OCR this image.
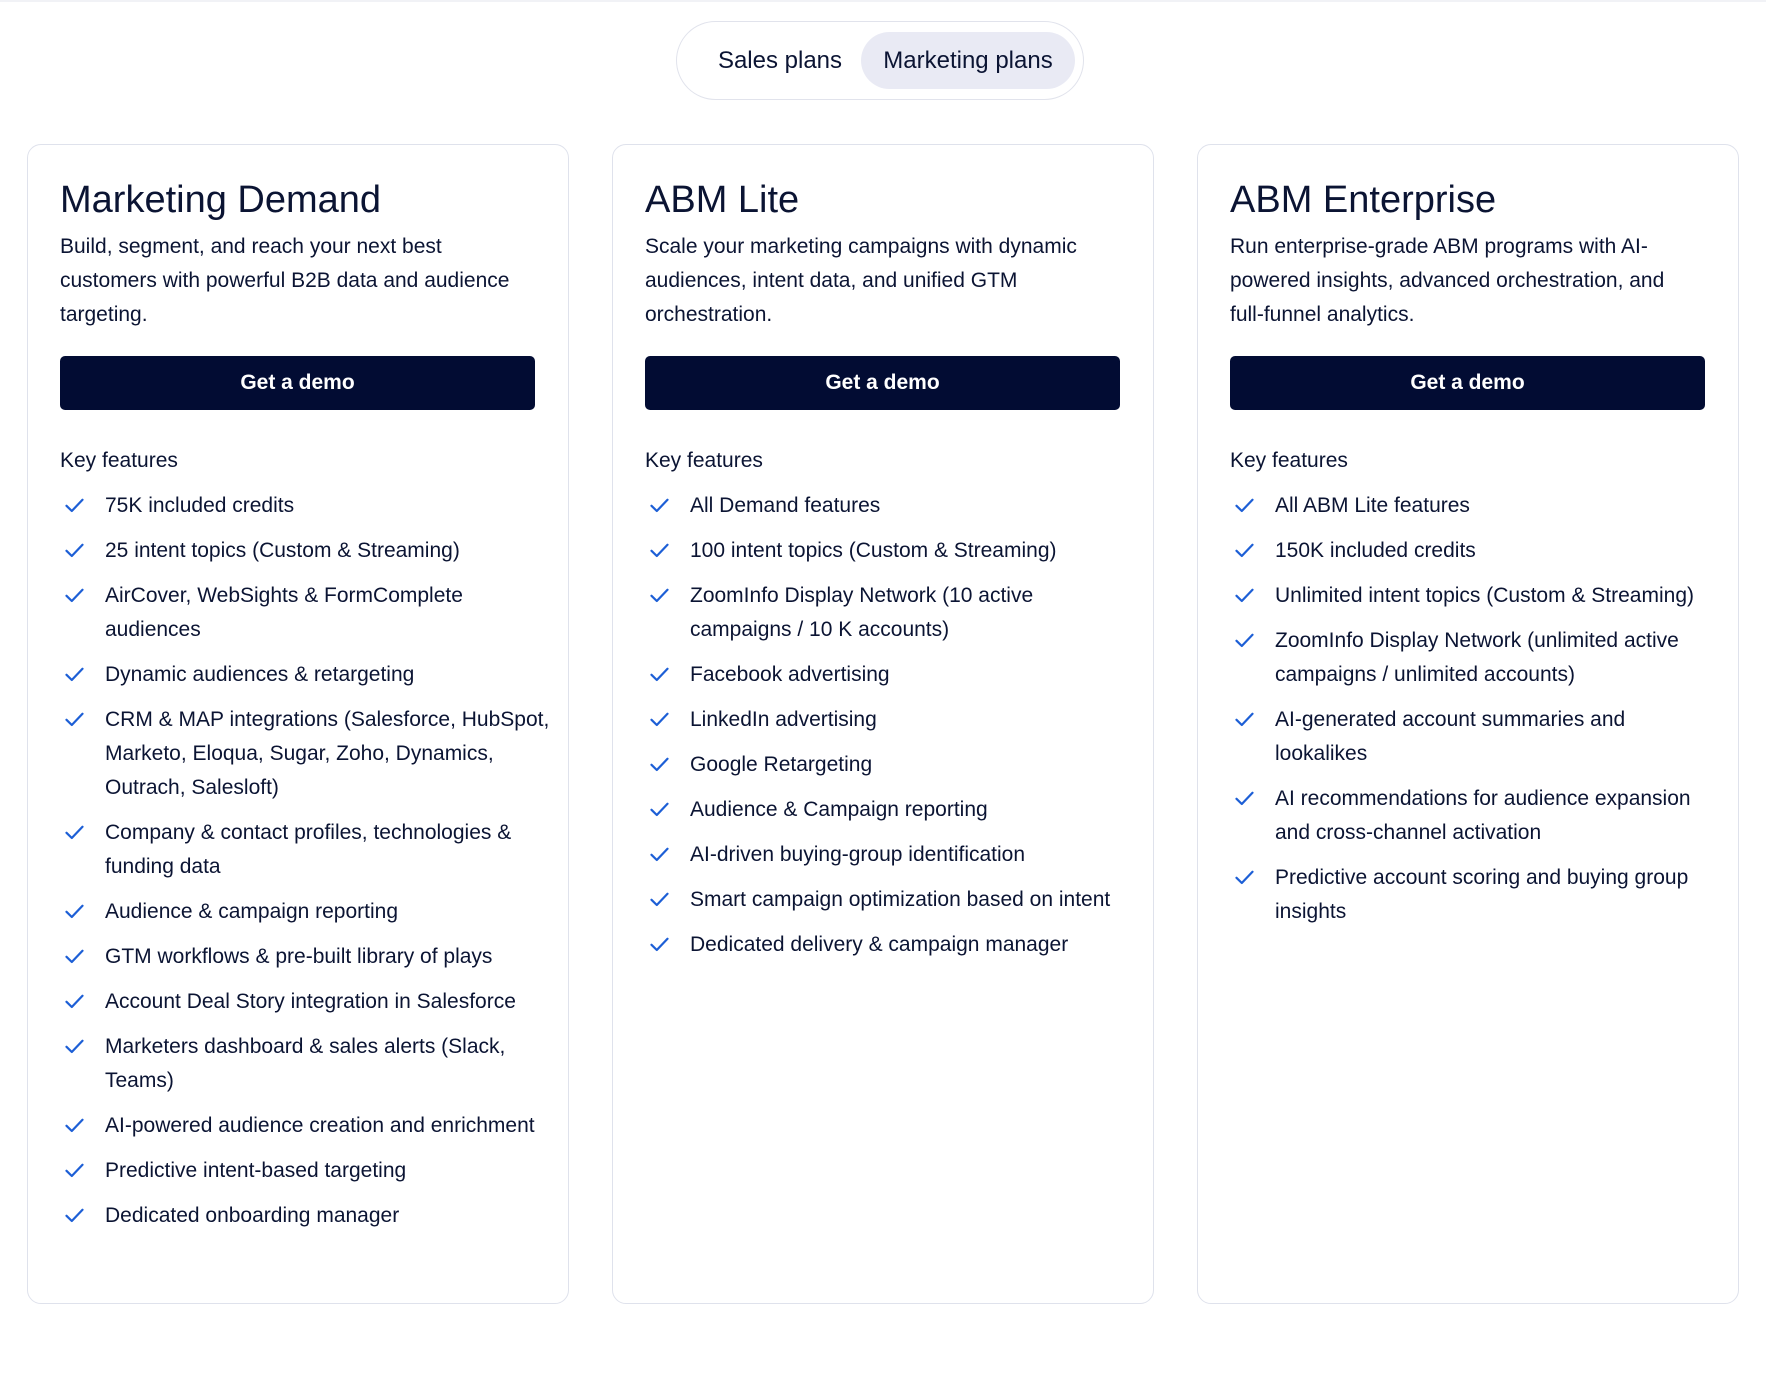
Sales plans	Marketing plans
Marketing Demand

Build, segment, and reach your next best customers with powerful B2B data and audience targeting.

Get a demo
Key features
75K included credits
25 intent topics (Custom & Streaming)
AirCover, WebSights & FormComplete audiences
Dynamic audiences & retargeting
CRM & MAP integrations (Salesforce, HubSpot, Marketo, Eloqua, Sugar, Zoho, Dynamics, Outrach, Salesloft)
Company & contact profiles, technologies & funding data
Audience & campaign reporting
GTM workflows & pre-built library of plays
Account Deal Story integration in Salesforce
Marketers dashboard & sales alerts (Slack, Teams)
AI-powered audience creation and enrichment
Predictive intent-based targeting
Dedicated onboarding manager
ABM Lite

Scale your marketing campaigns with dynamic audiences, intent data, and unified GTM orchestration.

Get a demo
Key features
All Demand features
100 intent topics (Custom & Streaming)
ZoomInfo Display Network (10 active campaigns / 10 K accounts)
Facebook advertising
LinkedIn advertising
Google Retargeting
Audience & Campaign reporting
AI-driven buying-group identification
Smart campaign optimization based on intent
Dedicated delivery & campaign manager
ABM Enterprise

Run enterprise-grade ABM programs with AI-powered insights, advanced orchestration, and full-funnel analytics.

Get a demo
Key features
All ABM Lite features
150K included credits
Unlimited intent topics (Custom & Streaming)
ZoomInfo Display Network (unlimited active campaigns / unlimited accounts)
AI-generated account summaries and lookalikes
AI recommendations for audience expansion and cross-channel activation
Predictive account scoring and buying group insights
